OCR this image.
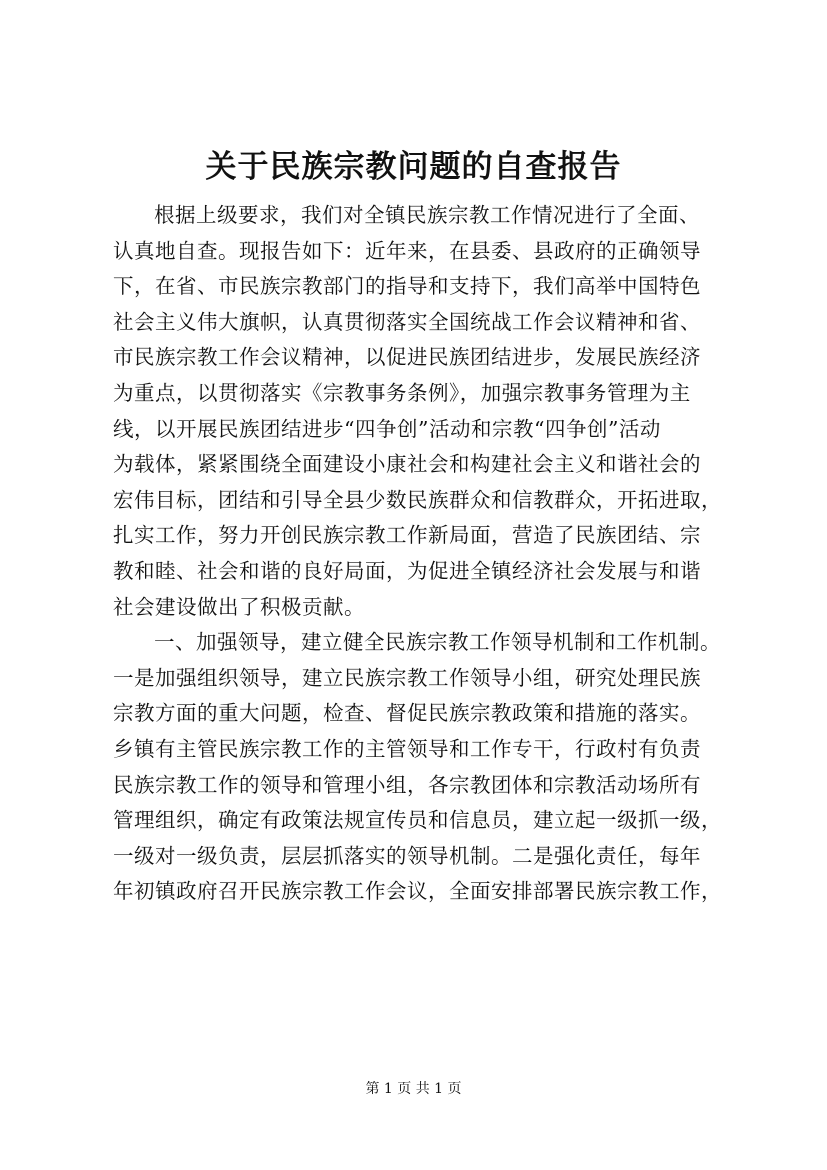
关于民族宗教问题的自查报告
根据上级要求，我们对全镇民族宗教工作情况进行了全面、
认真地自查。现报告如下：近年来，在县委、县政府的正确领导
下，在省、市民族宗教部门的指导和支持下，我们高举中国特色
社会主义伟大旗帜，认真贯彻落实全国统战工作会议精神和省、
市民族宗教工作会议精神，以促进民族团结进步，发展民族经济
为重点，以贯彻落实《宗教事务条例》，加强宗教事务管理为主
线，以开展民族团结进步“四争创”活动和宗教“四争创”活动
为载体，紧紧围绕全面建设小康社会和构建社会主义和谐社会的
宏伟目标，团结和引导全县少数民族群众和信教群众，开拓进取，
扎实工作，努力开创民族宗教工作新局面，营造了民族团结、宗
教和睦、社会和谐的良好局面，为促进全镇经济社会发展与和谐
社会建设做出了积极贡献。
一、加强领导，建立健全民族宗教工作领导机制和工作机制。
一是加强组织领导，建立民族宗教工作领导小组，研究处理民族
宗教方面的重大问题，检查、督促民族宗教政策和措施的落实。
乡镇有主管民族宗教工作的主管领导和工作专干，行政村有负责
民族宗教工作的领导和管理小组，各宗教团体和宗教活动场所有
管理组织，确定有政策法规宣传员和信息员，建立起一级抓一级，
一级对一级负责，层层抓落实的领导机制。二是强化责任，每年
年初镇政府召开民族宗教工作会议，全面安排部署民族宗教工作，
第 1 页 共 1 页
